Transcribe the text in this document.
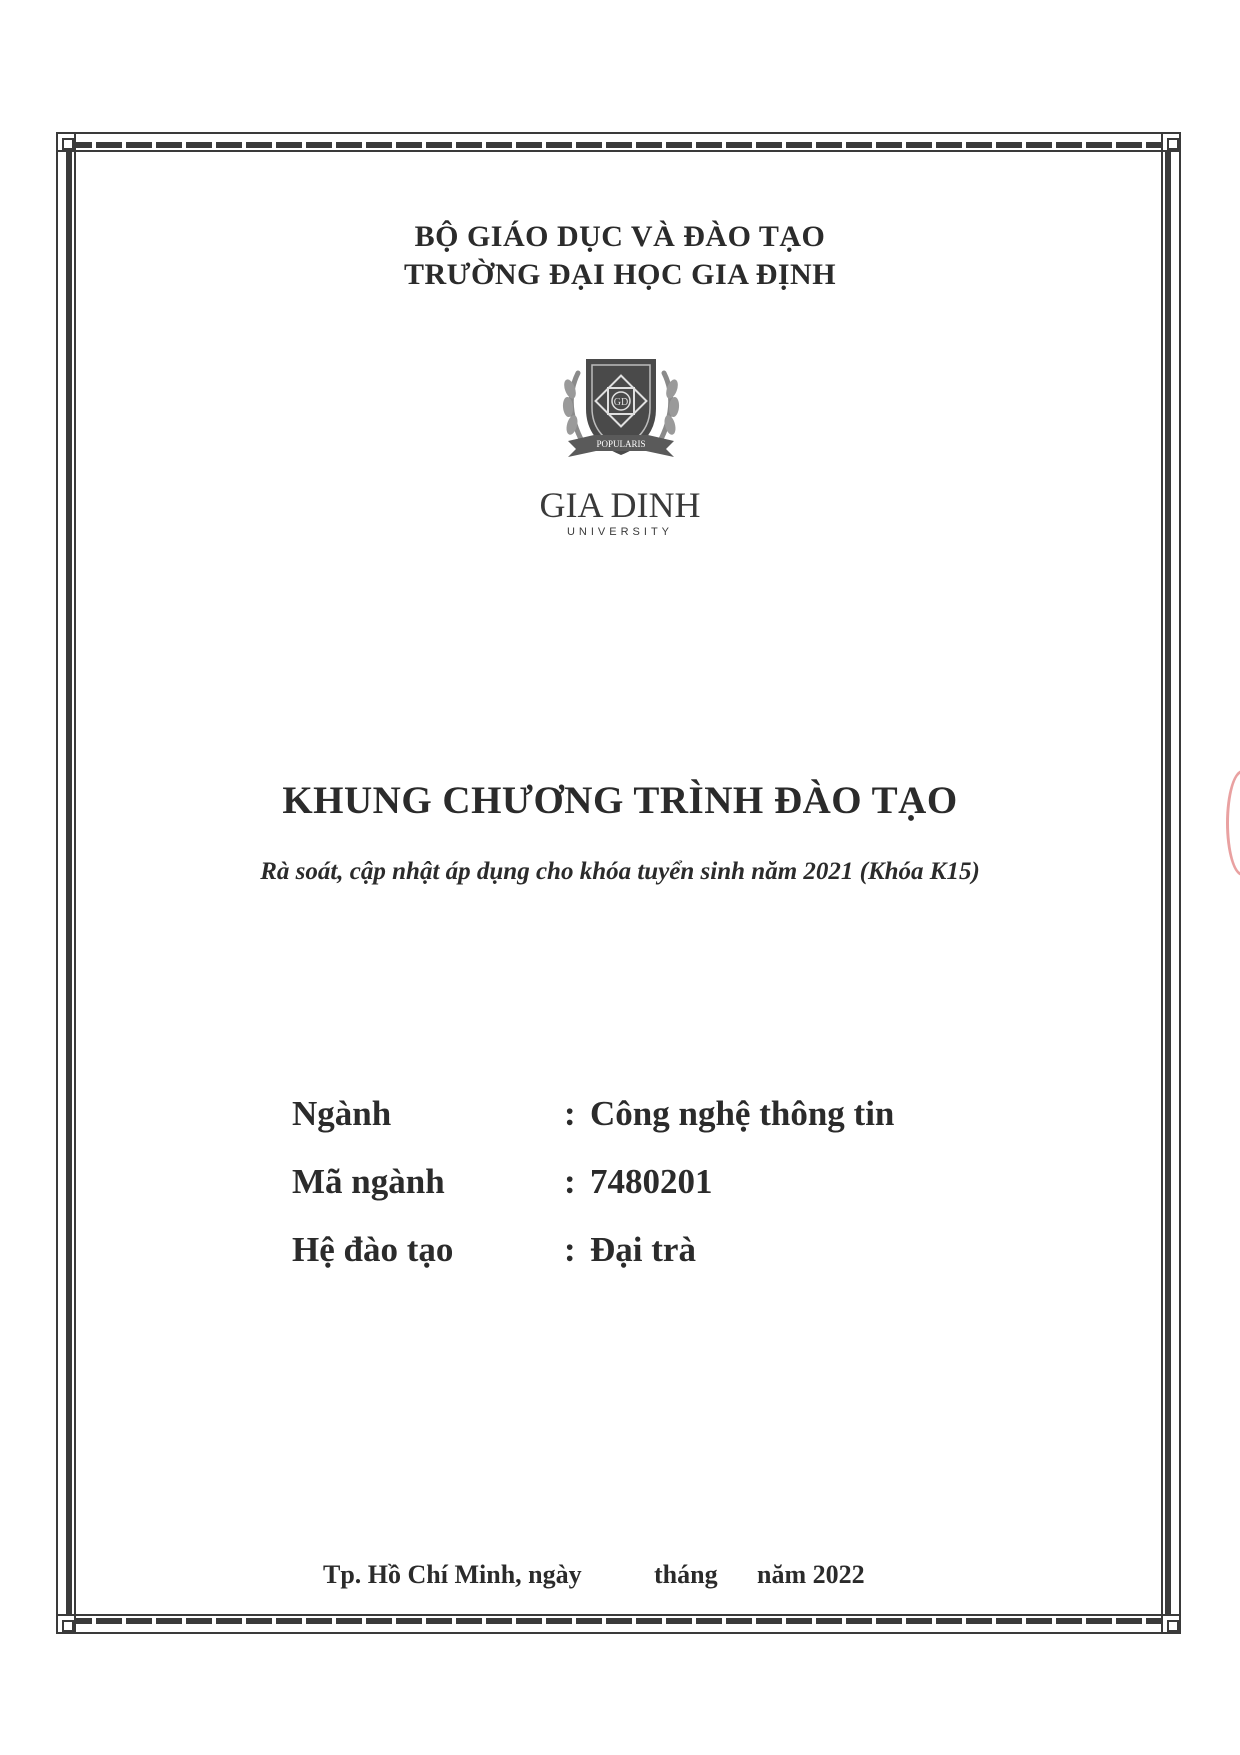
BỘ GIÁO DỤC VÀ ĐÀO TẠO
TRƯỜNG ĐẠI HỌC GIA ĐỊNH
GD
POPULARIS
GIA DINH
UNIVERSITY
KHUNG CHƯƠNG TRÌNH ĐÀO TẠO
Rà soát, cập nhật áp dụng cho khóa tuyển sinh năm 2021 (Khóa K15)
Ngành	: Công nghệ thông tin
Mã ngành	: 7480201
Hệ đào tạo	: Đại trà
Tp. Hồ Chí Minh, ngày	tháng năm 2022
